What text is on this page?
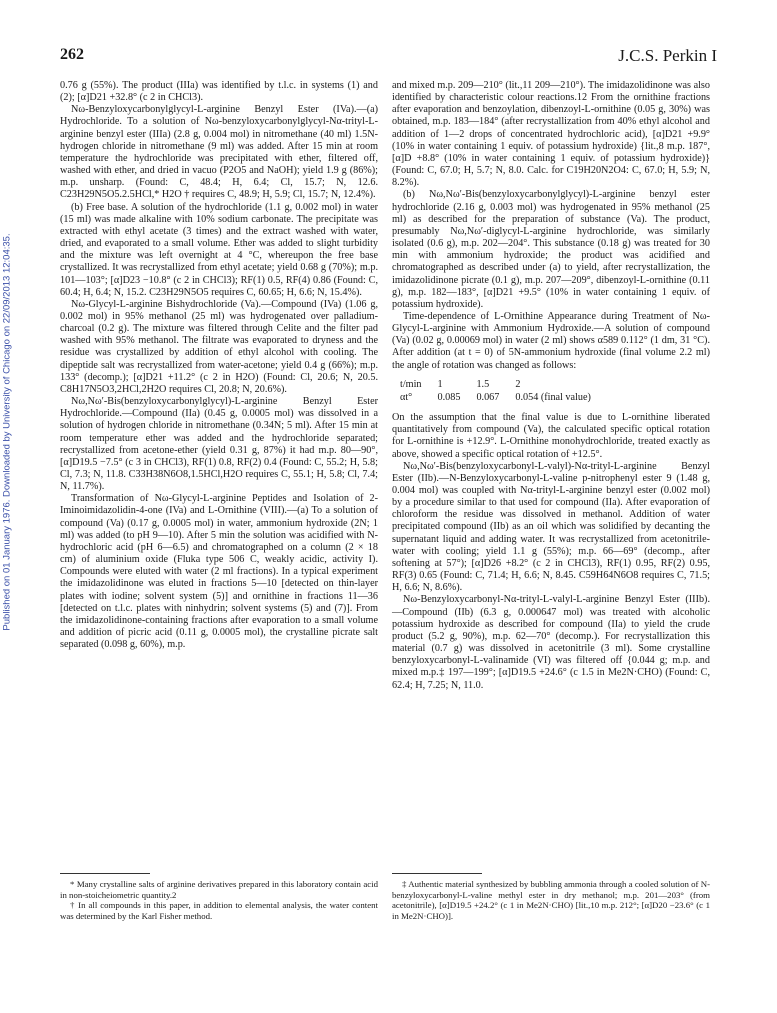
262	J.C.S. Perkin I
Published on 01 January 1976. Downloaded by University of Chicago on 22/09/2013 12:04:35.

0.76 g (55%). The product (IIIa) was identified by t.l.c. in systems (1) and (2); [α]D21 +32.8° (c 2 in CHCl3).

Nω-Benzyloxycarbonylglycyl-L-arginine Benzyl Ester (IVa).—(a) Hydrochloride. To a solution of Nω-benzyloxycarbonylglycyl-Nα-trityl-L-arginine benzyl ester (IIIa) (2.8 g, 0.004 mol) in nitromethane (40 ml) 1.5N-hydrogen chloride in nitromethane (9 ml) was added. After 15 min at room temperature the hydrochloride was precipitated with ether, filtered off, washed with ether, and dried in vacuo (P2O5 and NaOH); yield 1.9 g (86%); m.p. unsharp. (Found: C, 48.4; H, 6.4; Cl, 15.7; N, 12.6. C23H29N5O5.2.5HCl,* H2O † requires C, 48.9; H, 5.9; Cl, 15.7; N, 12.4%).

(b) Free base. A solution of the hydrochloride (1.1 g, 0.002 mol) in water (15 ml) was made alkaline with 10% sodium carbonate. The precipitate was extracted with ethyl acetate (3 times) and the extract washed with water, dried, and evaporated to a small volume. Ether was added to slight turbidity and the mixture was left overnight at 4 °C, whereupon the free base crystallized. It was recrystallized from ethyl acetate; yield 0.68 g (70%); m.p. 101—103°; [α]D23 −10.8° (c 2 in CHCl3); RF(1) 0.5, RF(4) 0.86 (Found: C, 60.4; H, 6.4; N, 15.2. C23H29N5O5 requires C, 60.65; H, 6.6; N, 15.4%).

Nω-Glycyl-L-arginine Bishydrochloride (Va).—Compound (IVa) (1.06 g, 0.002 mol) in 95% methanol (25 ml) was hydrogenated over palladium-charcoal (0.2 g). The mixture was filtered through Celite and the filter pad washed with 95% methanol. The filtrate was evaporated to dryness and the residue was crystallized by addition of ethyl alcohol with cooling. The dipeptide salt was recrystallized from water-acetone; yield 0.4 g (66%); m.p. 133° (decomp.); [α]D21 +11.2° (c 2 in H2O) (Found: Cl, 20.6; N, 20.5. C8H17N5O3,2HCl,2H2O requires Cl, 20.8; N, 20.6%).

Nω,Nω′-Bis(benzyloxycarbonylglycyl)-L-arginine Benzyl Ester Hydrochloride.—Compound (IIa) (0.45 g, 0.0005 mol) was dissolved in a solution of hydrogen chloride in nitromethane (0.34N; 5 ml). After 15 min at room temperature ether was added and the hydrochloride separated; recrystallized from acetone-ether (yield 0.31 g, 87%) it had m.p. 80—90°, [α]D19.5 −7.5° (c 3 in CHCl3), RF(1) 0.8, RF(2) 0.4 (Found: C, 55.2; H, 5.8; Cl, 7.3; N, 11.8. C33H38N6O8,1.5HCl,H2O requires C, 55.1; H, 5.8; Cl, 7.4; N, 11.7%).

Transformation of Nω-Glycyl-L-arginine Peptides and Isolation of 2-Iminoimidazolidin-4-one (IVa) and L-Ornithine (VIII).—(a) To a solution of compound (Va) (0.17 g, 0.0005 mol) in water, ammonium hydroxide (2N; 1 ml) was added (to pH 9—10). After 5 min the solution was acidified with N-hydrochloric acid (pH 6—6.5) and chromatographed on a column (2 × 18 cm) of aluminium oxide (Fluka type 506 C, weakly acidic, activity I). Compounds were eluted with water (2 ml fractions). In a typical experiment the imidazolidinone was eluted in fractions 5—10 [detected on thin-layer plates with iodine; solvent system (5)] and ornithine in fractions 11—36 [detected on t.l.c. plates with ninhydrin; solvent systems (5) and (7)]. From the imidazolidinone-containing fractions after evaporation to a small volume and addition of picric acid (0.11 g, 0.0005 mol), the crystalline picrate salt separated (0.098 g, 60%), m.p.

and mixed m.p. 209—210° (lit.,11 209—210°). The imidazolidinone was also identified by characteristic colour reactions.12 From the ornithine fractions after evaporation and benzoylation, dibenzoyl-L-ornithine (0.05 g, 30%) was obtained, m.p. 183—184° (after recrystallization from 40% ethyl alcohol and addition of 1—2 drops of concentrated hydrochloric acid), [α]D21 +9.9° (10% in water containing 1 equiv. of potassium hydroxide) {lit.,8 m.p. 187°, [α]D +8.8° (10% in water containing 1 equiv. of potassium hydroxide)} (Found: C, 67.0; H, 5.7; N, 8.0. Calc. for C19H20N2O4: C, 67.0; H, 5.9; N, 8.2%).

(b) Nω,Nω′-Bis(benzyloxycarbonylglycyl)-L-arginine benzyl ester hydrochloride (2.16 g, 0.003 mol) was hydrogenated in 95% methanol (25 ml) as described for the preparation of substance (Va). The product, presumably Nω,Nω′-diglycyl-L-arginine hydrochloride, was similarly isolated (0.6 g), m.p. 202—204°. This substance (0.18 g) was treated for 30 min with ammonium hydroxide; the product was acidified and chromatographed as described under (a) to yield, after recrystallization, the imidazolidinone picrate (0.1 g), m.p. 207—209°, dibenzoyl-L-ornithine (0.11 g), m.p. 182—183°, [α]D21 +9.5° (10% in water containing 1 equiv. of potassium hydroxide).

Time-dependence of L-Ornithine Appearance during Treatment of Nω-Glycyl-L-arginine with Ammonium Hydroxide.—A solution of compound (Va) (0.02 g, 0.00069 mol) in water (2 ml) shows α589 0.112° (1 dm, 31 °C). After addition (at t = 0) of 5N-ammonium hydroxide (final volume 2.2 ml) the angle of rotation was changed as follows:

t/min	1	1.5	2
αt°	0.085	0.067	0.054 (final value)

On the assumption that the final value is due to L-ornithine liberated quantitatively from compound (Va), the calculated specific optical rotation for L-ornithine is +12.9°. L-Ornithine monohydrochloride, treated exactly as above, showed a specific optical rotation of +12.5°.

Nω,Nω′-Bis(benzyloxycarbonyl-L-valyl)-Nα-trityl-L-arginine Benzyl Ester (IIb).—N-Benzyloxycarbonyl-L-valine p-nitrophenyl ester 9 (1.48 g, 0.004 mol) was coupled with Nα-trityl-L-arginine benzyl ester (0.002 mol) by a procedure similar to that used for compound (IIa). After evaporation of chloroform the residue was dissolved in methanol. Addition of water precipitated compound (IIb) as an oil which was solidified by decanting the supernatant liquid and adding water. It was recrystallized from acetonitrile-water with cooling; yield 1.1 g (55%); m.p. 66—69° (decomp., after softening at 57°); [α]D26 +8.2° (c 2 in CHCl3), RF(1) 0.95, RF(2) 0.95, RF(3) 0.65 (Found: C, 71.4; H, 6.6; N, 8.45. C59H64N6O8 requires C, 71.5; H, 6.6; N, 8.6%).

Nω-Benzyloxycarbonyl-Nα-trityl-L-valyl-L-arginine Benzyl Ester (IIIb).—Compound (IIb) (6.3 g, 0.000647 mol) was treated with alcoholic potassium hydroxide as described for compound (IIa) to yield the crude product (5.2 g, 90%), m.p. 62—70° (decomp.). For recrystallization this material (0.7 g) was dissolved in acetonitrile (3 ml). Some crystalline benzyloxycarbonyl-L-valinamide (VI) was filtered off {0.044 g; m.p. and mixed m.p.‡ 197—199°; [α]D19.5 +24.6° (c 1.5 in Me2N·CHO) (Found: C, 62.4; H, 7.25; N, 11.0.

* Many crystalline salts of arginine derivatives prepared in this laboratory contain acid in non-stoicheiometric quantity.2

† In all compounds in this paper, in addition to elemental analysis, the water content was determined by the Karl Fisher method.

‡ Authentic material synthesized by bubbling ammonia through a cooled solution of N-benzyloxycarbonyl-L-valine methyl ester in dry methanol; m.p. 201—203° (from acetonitrile), [α]D19.5 +24.2° (c 1 in Me2N·CHO) [lit.,10 m.p. 212°; [α]D20 −23.6° (c 1 in Me2N·CHO)].
